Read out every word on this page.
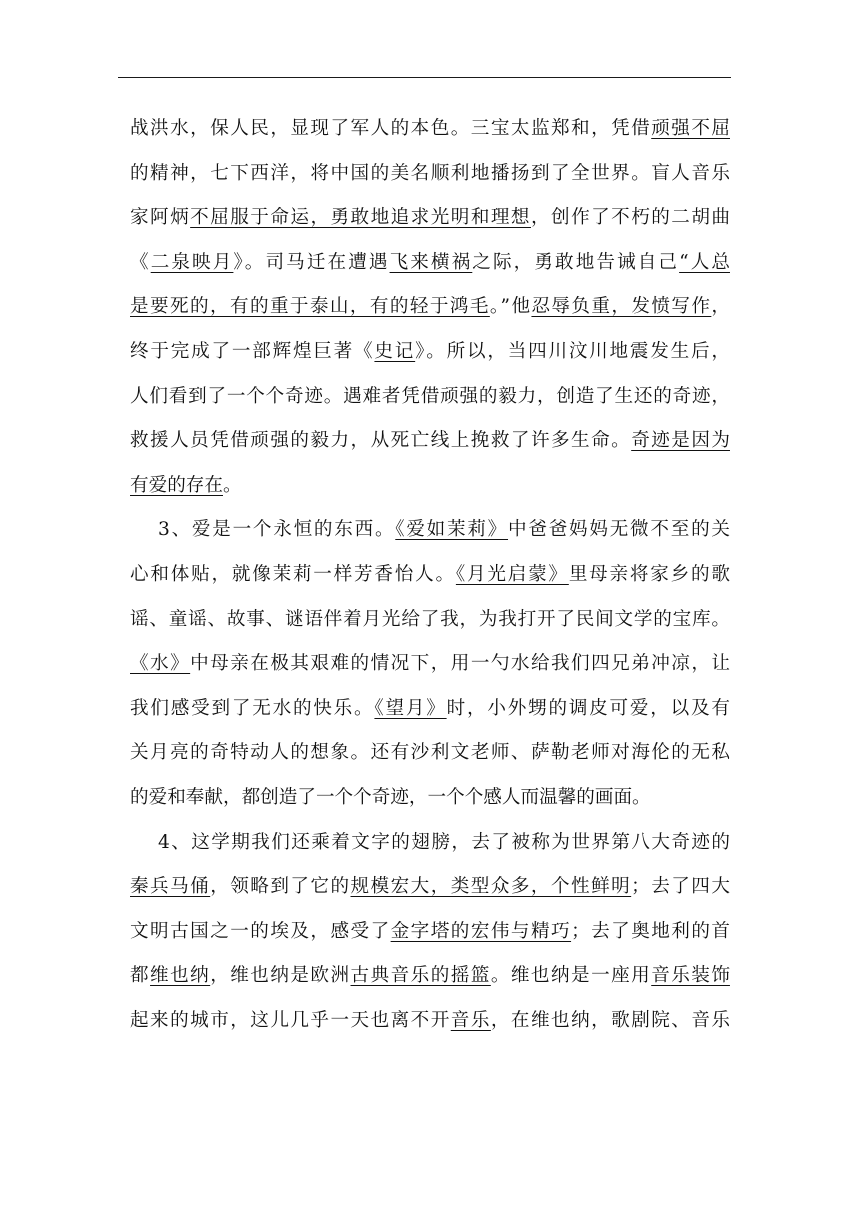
战洪水，保人民，显现了军人的本色。三宝太监郑和，凭借顽强不屈
的精神，七下西洋，将中国的美名顺利地播扬到了全世界。盲人音乐
家阿炳不屈服于命运，勇敢地追求光明和理想，创作了不朽的二胡曲
《二泉映月》。司马迁在遭遇飞来横祸之际，勇敢地告诫自己“人总
是要死的，有的重于泰山，有的轻于鸿毛。”他忍辱负重，发愤写作，
终于完成了一部辉煌巨著《史记》。所以，当四川汶川地震发生后，
人们看到了一个个奇迹。遇难者凭借顽强的毅力，创造了生还的奇迹，
救援人员凭借顽强的毅力，从死亡线上挽救了许多生命。奇迹是因为
有爱的存在。
3、爱是一个永恒的东西。《爱如茉莉》中爸爸妈妈无微不至的关
心和体贴，就像茉莉一样芳香怡人。《月光启蒙》里母亲将家乡的歌
谣、童谣、故事、谜语伴着月光给了我，为我打开了民间文学的宝库。
《水》中母亲在极其艰难的情况下，用一勺水给我们四兄弟冲凉，让
我们感受到了无水的快乐。《望月》时，小外甥的调皮可爱，以及有
关月亮的奇特动人的想象。还有沙利文老师、萨勒老师对海伦的无私
的爱和奉献，都创造了一个个奇迹，一个个感人而温馨的画面。
4、这学期我们还乘着文字的翅膀，去了被称为世界第八大奇迹的
秦兵马俑，领略到了它的规模宏大，类型众多，个性鲜明；去了四大
文明古国之一的埃及，感受了金字塔的宏伟与精巧；去了奥地利的首
都维也纳，维也纳是欧洲古典音乐的摇篮。维也纳是一座用音乐装饰
起来的城市，这儿几乎一天也离不开音乐，在维也纳，歌剧院、音乐
